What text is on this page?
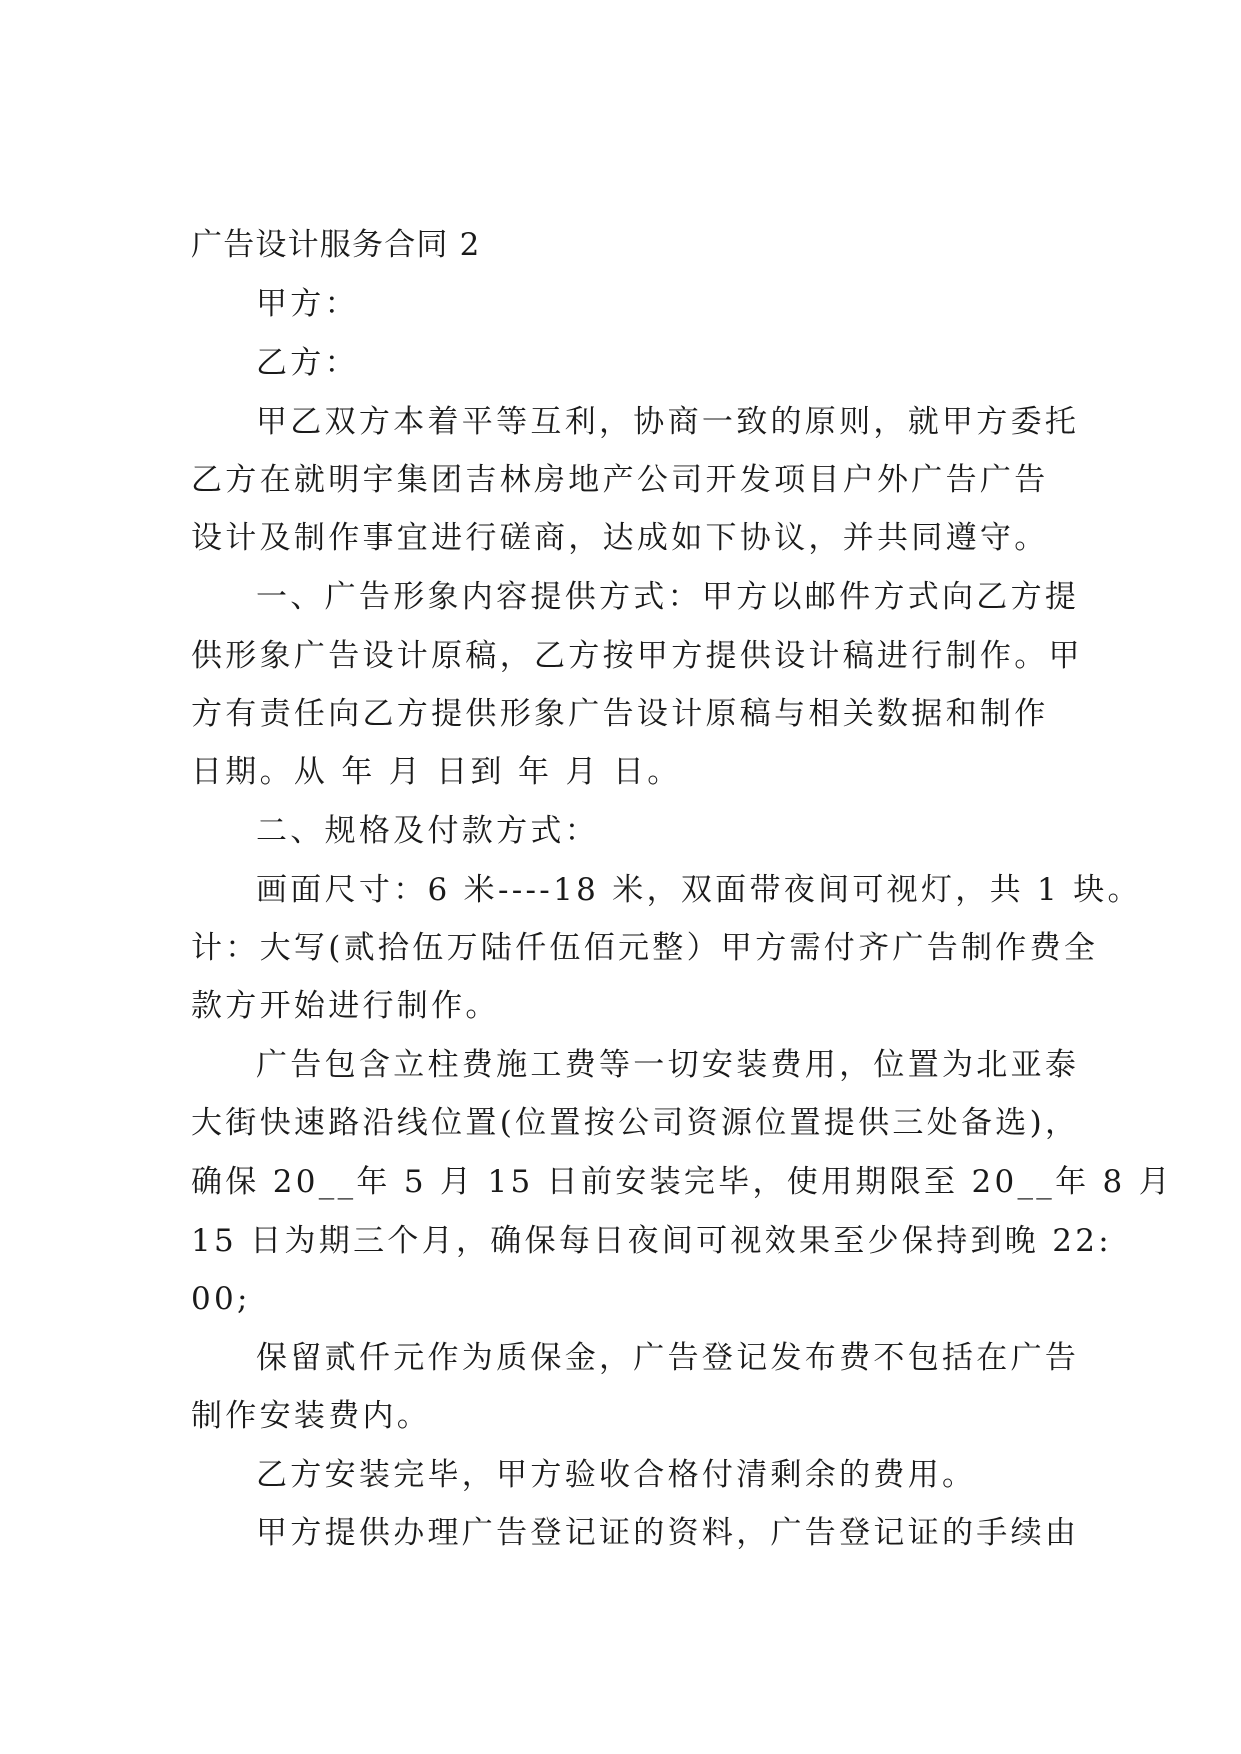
广告设计服务合同 2
甲方：
乙方：
甲乙双方本着平等互利，协商一致的原则，就甲方委托
乙方在就明宇集团吉林房地产公司开发项目户外广告广告
设计及制作事宜进行磋商，达成如下协议，并共同遵守。
一、广告形象内容提供方式：甲方以邮件方式向乙方提
供形象广告设计原稿，乙方按甲方提供设计稿进行制作。甲
方有责任向乙方提供形象广告设计原稿与相关数据和制作
日期。从 年 月 日到 年 月 日。
二、规格及付款方式：
画面尺寸：6 米----18 米，双面带夜间可视灯，共 1 块。
计：大写(贰拾伍万陆仟伍佰元整）甲方需付齐广告制作费全
款方开始进行制作。
广告包含立柱费施工费等一切安装费用，位置为北亚泰
大街快速路沿线位置(位置按公司资源位置提供三处备选)，
确保 20__年 5 月 15 日前安装完毕，使用期限至 20__年 8 月
15 日为期三个月，确保每日夜间可视效果至少保持到晚 22:
00;
保留贰仟元作为质保金，广告登记发布费不包括在广告
制作安装费内。
乙方安装完毕，甲方验收合格付清剩余的费用。
甲方提供办理广告登记证的资料，广告登记证的手续由
